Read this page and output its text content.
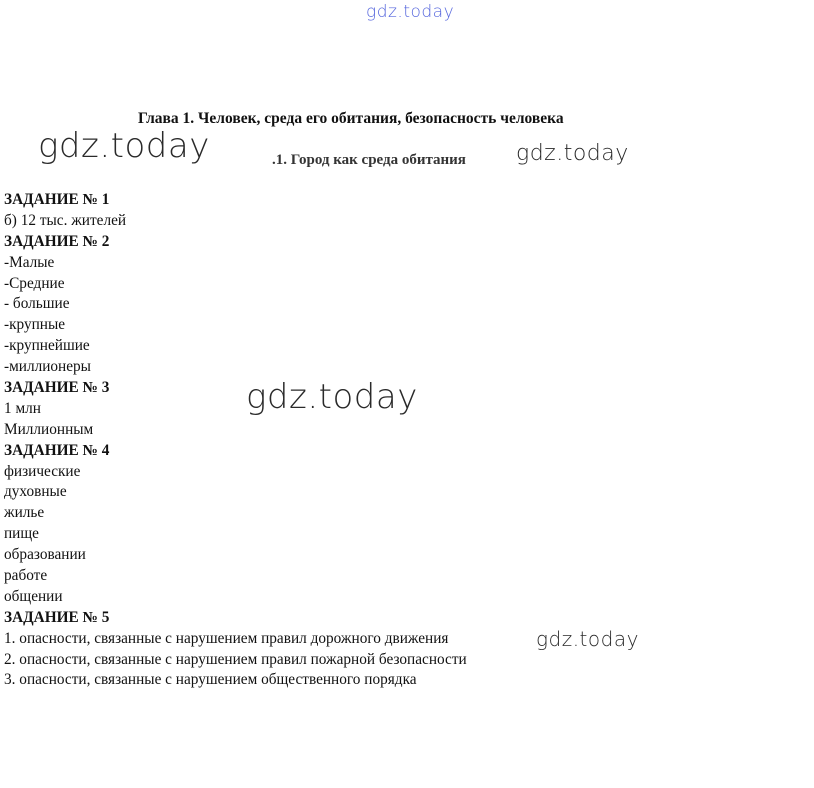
gdz.today
Глава 1. Человек, среда его обитания, безопасность человека
.1. Город как среда обитания
ЗАДАНИЕ № 1
б) 12 тыс. жителей
ЗАДАНИЕ № 2
-Малые
-Средние
- большие
-крупные
-крупнейшие
-миллионеры
ЗАДАНИЕ № 3
1 млн
Миллионным
ЗАДАНИЕ № 4
физические
духовные
жилье
пище
образовании
работе
общении
ЗАДАНИЕ № 5
1. опасности, связанные с нарушением правил дорожного движения
2. опасности, связанные с нарушением правил пожарной безопасности
3. опасности, связанные с нарушением общественного порядка
gdz.today	gdz.today
gdz.today
gdz.today
